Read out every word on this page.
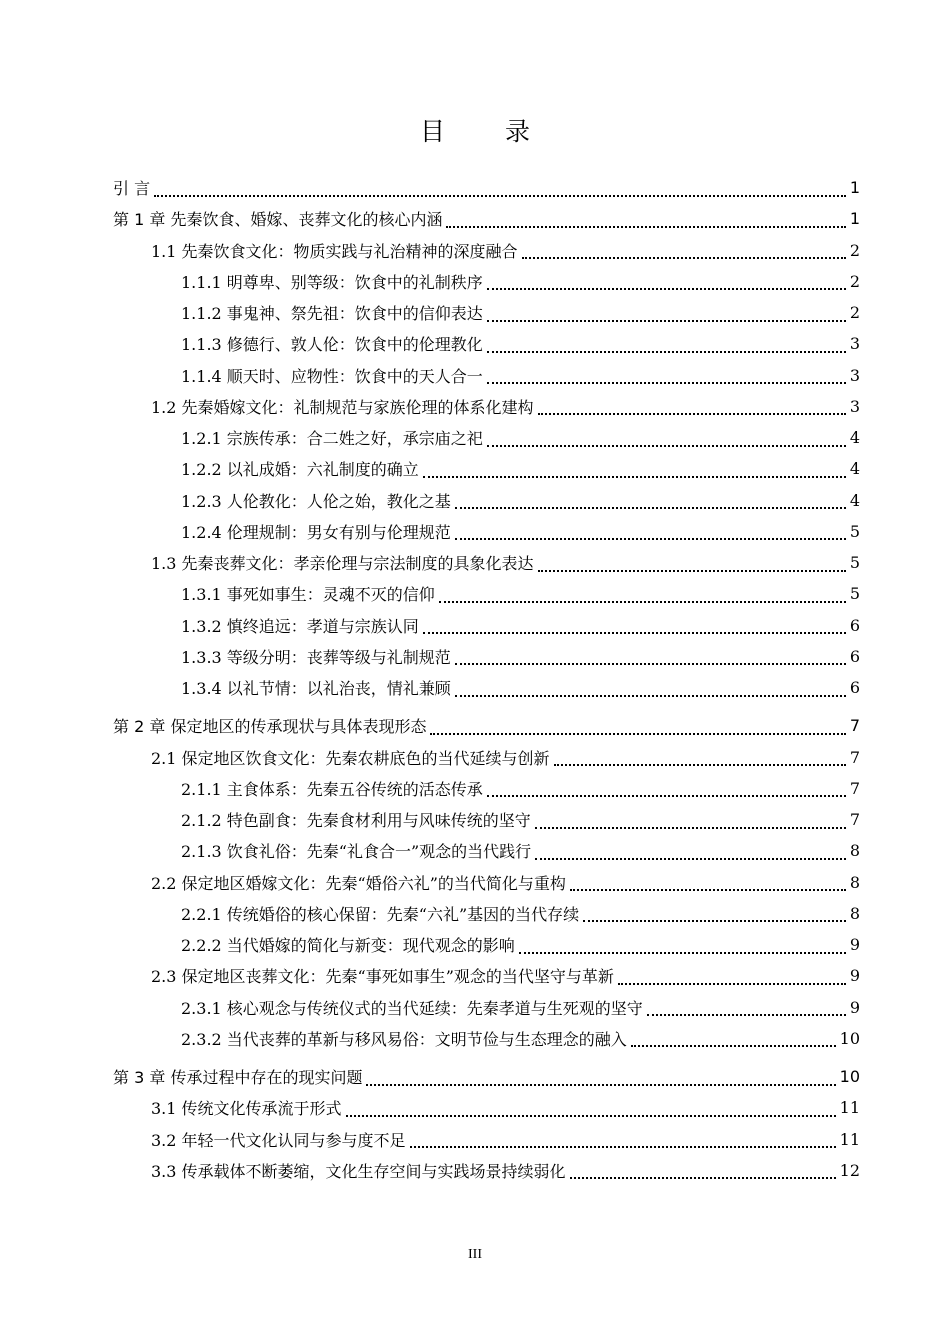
目 录
引 言	1
第 1 章 先秦饮食、婚嫁、丧葬文化的核心内涵	1
1.1 先秦饮食文化：物质实践与礼治精神的深度融合	2
1.1.1 明尊卑、别等级：饮食中的礼制秩序	2
1.1.2 事鬼神、祭先祖：饮食中的信仰表达	2
1.1.3 修德行、敦人伦：饮食中的伦理教化	3
1.1.4 顺天时、应物性：饮食中的天人合一	3
1.2 先秦婚嫁文化：礼制规范与家族伦理的体系化建构	3
1.2.1 宗族传承：合二姓之好，承宗庙之祀	4
1.2.2 以礼成婚：六礼制度的确立	4
1.2.3 人伦教化：人伦之始，教化之基	4
1.2.4 伦理规制：男女有别与伦理规范	5
1.3 先秦丧葬文化：孝亲伦理与宗法制度的具象化表达	5
1.3.1 事死如事生：灵魂不灭的信仰	5
1.3.2 慎终追远：孝道与宗族认同	6
1.3.3 等级分明：丧葬等级与礼制规范	6
1.3.4 以礼节情：以礼治丧，情礼兼顾	6
第 2 章 保定地区的传承现状与具体表现形态	7
2.1 保定地区饮食文化：先秦农耕底色的当代延续与创新	7
2.1.1 主食体系：先秦五谷传统的活态传承	7
2.1.2 特色副食：先秦食材利用与风味传统的坚守	7
2.1.3 饮食礼俗：先秦“礼食合一”观念的当代践行	8
2.2 保定地区婚嫁文化：先秦“婚俗六礼”的当代简化与重构	8
2.2.1 传统婚俗的核心保留：先秦“六礼”基因的当代存续	8
2.2.2 当代婚嫁的简化与新变：现代观念的影响	9
2.3 保定地区丧葬文化：先秦“事死如事生”观念的当代坚守与革新	9
2.3.1 核心观念与传统仪式的当代延续：先秦孝道与生死观的坚守	9
2.3.2 当代丧葬的革新与移风易俗：文明节俭与生态理念的融入	10
第 3 章 传承过程中存在的现实问题	10
3.1 传统文化传承流于形式	11
3.2 年轻一代文化认同与参与度不足	11
3.3 传承载体不断萎缩，文化生存空间与实践场景持续弱化	12
III
